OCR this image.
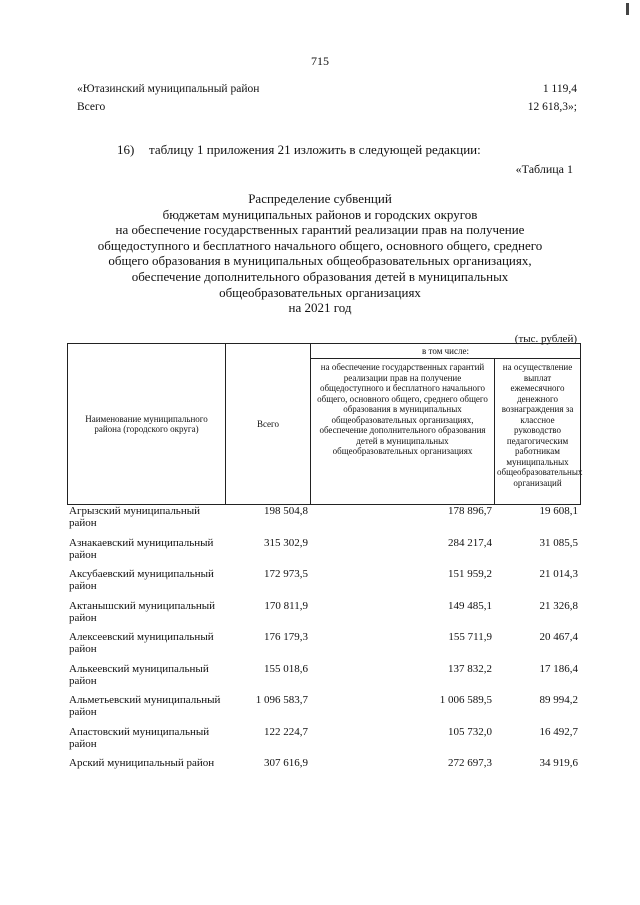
715
«Ютазинский муниципальный район	1 119,4
Всего	12 618,3»;
16) таблицу 1 приложения 21 изложить в следующей редакции:
«Таблица 1
Распределение субвенций
бюджетам муниципальных районов и городских округов
на обеспечение государственных гарантий реализации прав на получение
общедоступного и бесплатного начального общего, основного общего, среднего
общего образования в муниципальных общеобразовательных организациях,
обеспечение дополнительного образования детей в муниципальных
общеобразовательных организациях
на 2021 год
(тыс. рублей)
Наименование муниципального района (городского округа)	Всего	в том числе:	
		на обеспечение государственных гарантий реализации прав на получение общедоступного и бесплатного начального общего, основного общего, среднего общего образования в муниципальных общеобразовательных организациях, обеспечение дополнительного образования детей в муниципальных общеобразовательных организациях	на осуществление выплат ежемесячного денежного вознаграждения за классное руководство педагогическим работникам муниципальных общеобразовательных организаций
Агрызский муниципальный район	198 504,8	178 896,7	19 608,1
Азнакаевский муниципальный район	315 302,9	284 217,4	31 085,5
Аксубаевский муниципальный район	172 973,5	151 959,2	21 014,3
Актанышский муниципальный район	170 811,9	149 485,1	21 326,8
Алексеевский муниципальный район	176 179,3	155 711,9	20 467,4
Алькеевский муниципальный район	155 018,6	137 832,2	17 186,4
Альметьевский муниципальный район	1 096 583,7	1 006 589,5	89 994,2
Апастовский муниципальный район	122 224,7	105 732,0	16 492,7
Арский муниципальный район	307 616,9	272 697,3	34 919,6
